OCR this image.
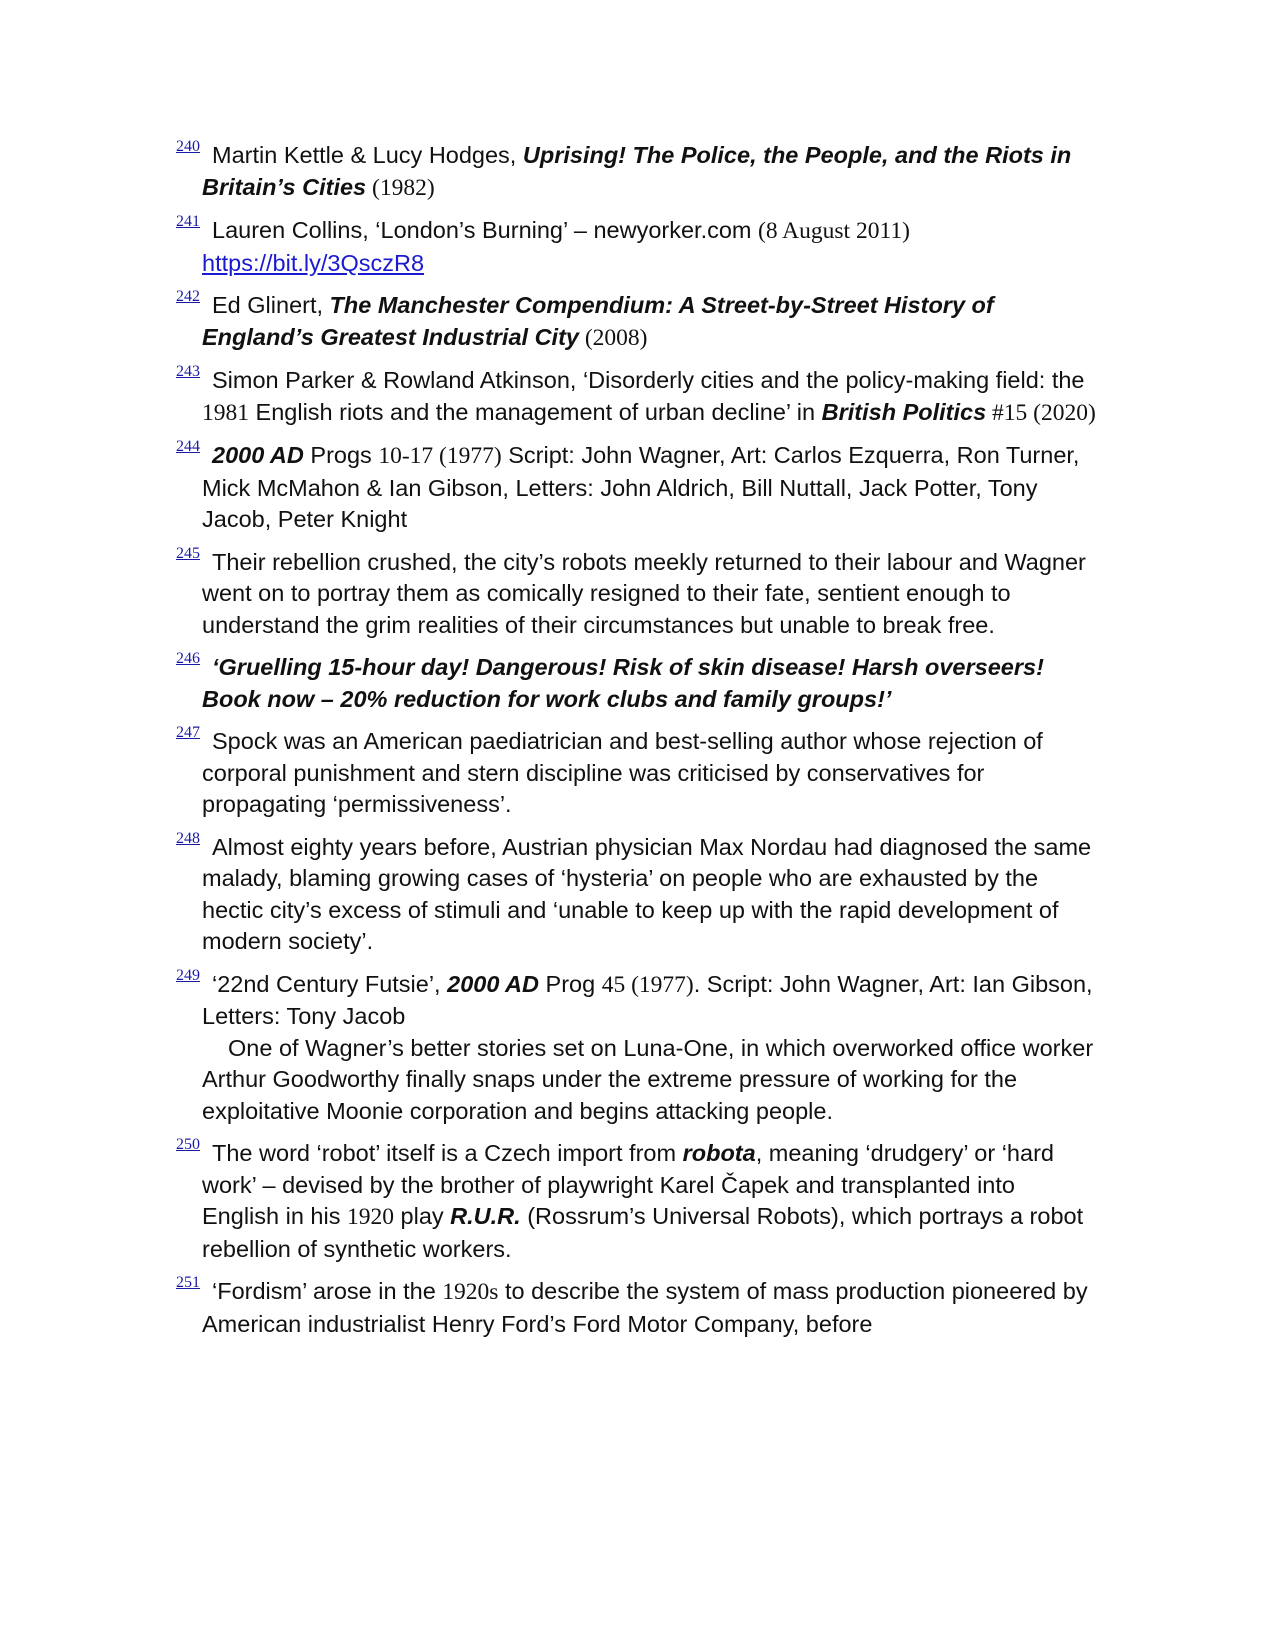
240 Martin Kettle & Lucy Hodges, Uprising! The Police, the People, and the Riots in Britain’s Cities (1982)
241 Lauren Collins, ‘London’s Burning’ – newyorker.com (8 August 2011)
https://bit.ly/3QsczR8
242 Ed Glinert, The Manchester Compendium: A Street-by-Street History of England’s Greatest Industrial City (2008)
243 Simon Parker & Rowland Atkinson, ‘Disorderly cities and the policy-making field: the 1981 English riots and the management of urban decline’ in British Politics #15 (2020)
244 2000 AD Progs 10-17 (1977) Script: John Wagner, Art: Carlos Ezquerra, Ron Turner, Mick McMahon & Ian Gibson, Letters: John Aldrich, Bill Nuttall, Jack Potter, Tony Jacob, Peter Knight
245 Their rebellion crushed, the city’s robots meekly returned to their labour and Wagner went on to portray them as comically resigned to their fate, sentient enough to understand the grim realities of their circumstances but unable to break free.
246 ‘Gruelling 15-hour day! Dangerous! Risk of skin disease! Harsh overseers! Book now – 20% reduction for work clubs and family groups!’
247 Spock was an American paediatrician and best-selling author whose rejection of corporal punishment and stern discipline was criticised by conservatives for propagating ‘permissiveness’.
248 Almost eighty years before, Austrian physician Max Nordau had diagnosed the same malady, blaming growing cases of ‘hysteria’ on people who are exhausted by the hectic city’s excess of stimuli and ‘unable to keep up with the rapid development of modern society’.
249 ‘22nd Century Futsie’, 2000 AD Prog 45 (1977). Script: John Wagner, Art: Ian Gibson, Letters: Tony Jacob
One of Wagner’s better stories set on Luna-One, in which overworked office worker Arthur Goodworthy finally snaps under the extreme pressure of working for the exploitative Moonie corporation and begins attacking people.
250 The word ‘robot’ itself is a Czech import from robota, meaning ‘drudgery’ or ‘hard work’ – devised by the brother of playwright Karel Čapek and transplanted into English in his 1920 play R.U.R. (Rossrum’s Universal Robots), which portrays a robot rebellion of synthetic workers.
251 ‘Fordism’ arose in the 1920s to describe the system of mass production pioneered by American industrialist Henry Ford’s Ford Motor Company, before
